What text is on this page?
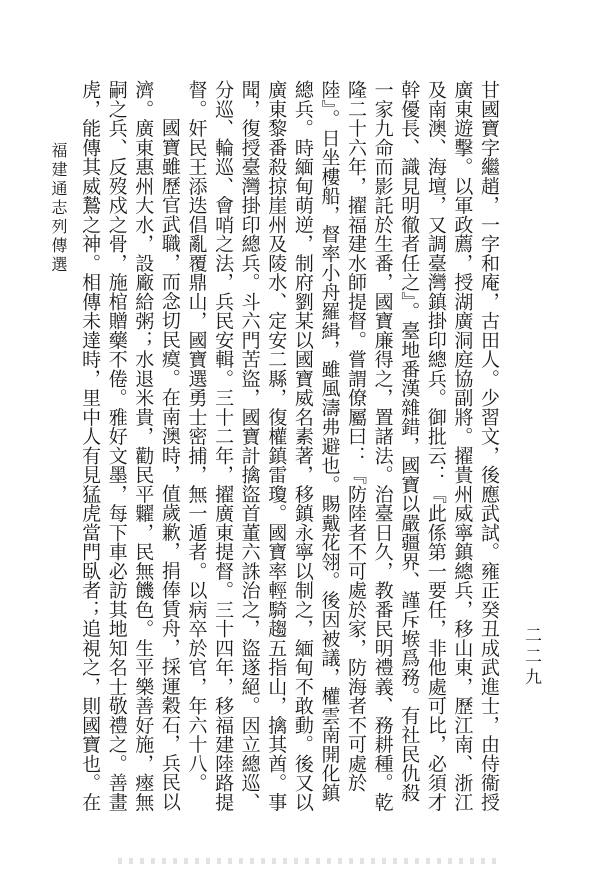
甘國寶字繼趙，一字和庵，古田人。少習文，後應武試。雍正癸丑成武進士，由侍衞授廣東遊擊。以軍政薦，授湖廣洞庭協副將。擢貴州威寧鎮總兵，移山東，歷江南、浙江及南澳、海壇，又調臺灣鎮掛印總兵。御批云：『此係第一要任，非他處可比，必須才幹優長、識見明徹者任之』。臺地番漢雜錯，國寶以嚴疆界、謹斥堠爲務。有社民仇殺一家九命而影託於生番，國寶廉得之，置諸法。治臺日久，教番民明禮義、務耕種。乾隆二十六年，擢福建水師提督。嘗謂僚屬曰：『防陸者不可處於家，防海者不可處於陸』。日坐樓船，督率小舟羅緝，雖風濤弗避也。賜戴花翎。後因被議，權雲南開化鎮總兵。時緬甸萌逆，制府劉某以國寶威名素著，移鎮永寧以制之，緬甸不敢動。後又以廣東黎番殺掠崖州及陵水、定安二縣，復權鎮雷瓊。國寶率輕騎趨五指山，擒其酋。事聞，復授臺灣掛印總兵。斗六門苦盜，國寶計擒盜首董六誅治之，盜遂絕。因立總巡、分巡、輪巡、會哨之法，兵民安輯。三十二年，擢廣東提督。三十四年，移福建陸路提督。奸民王添迭倡亂覆鼎山，國寶選勇士密捕，無一遁者。以病卒於官，年六十八。

國寶雖歷官武職，而念切民瘼。在南澳時，值歲歉，捐俸賃舟，採運穀石，兵民以濟。廣東惠州大水，設廠給粥；水退米貴，勸民平糶，民無饑色。生平樂善好施，瘞無嗣之兵、反歿戍之骨，施棺贈藥不倦。雅好文墨，每下車必訪其地知名士敬禮之。善畫虎，能傳其威鷙之神。相傳未達時，里中人有見猛虎當門臥者；追視之，則國寶也。在

福建通志列傳選
二二九
